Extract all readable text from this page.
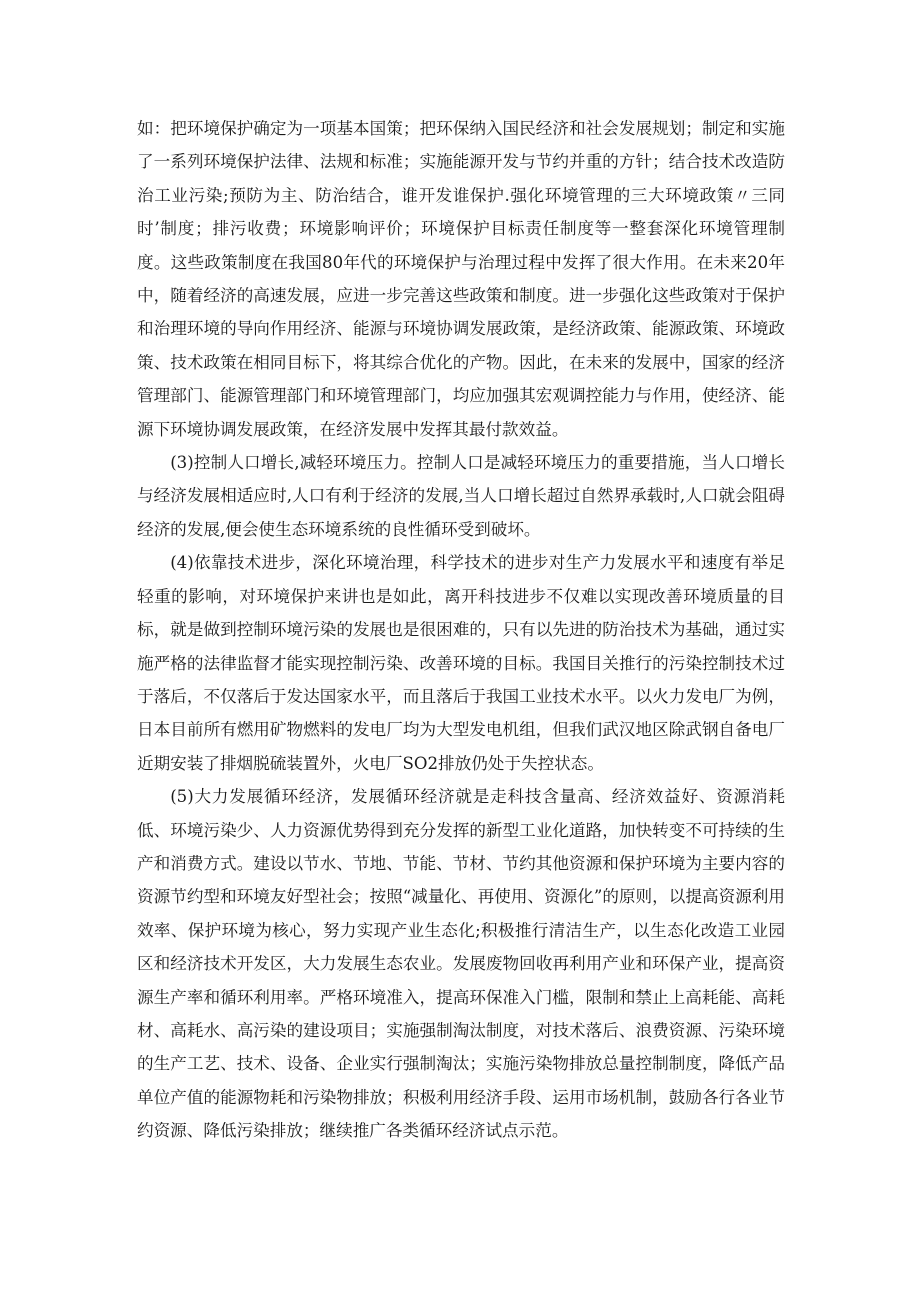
如：把环境保护确定为一项基本国策；把环保纳入国民经济和社会发展规划；制定和实施了一系列环境保护法律、法规和标准；实施能源开发与节约并重的方针；结合技术改造防治工业污染;预防为主、防治结合，谁开发谁保护.强化环境管理的三大环境政策〃三同时’制度；排污收费；环境影响评价；环境保护目标责任制度等一整套深化环境管理制度。这些政策制度在我国80年代的环境保护与治理过程中发挥了很大作用。在未来20年中，随着经济的高速发展，应进一步完善这些政策和制度。进一步强化这些政策对于保护和治理环境的导向作用经济、能源与环境协调发展政策，是经济政策、能源政策、环境政策、技术政策在相同目标下，将其综合优化的产物。因此，在未来的发展中，国家的经济管理部门、能源管理部门和环境管理部门，均应加强其宏观调控能力与作用，使经济、能源下环境协调发展政策，在经济发展中发挥其最付款效益。

(3)控制人口增长,减轻环境压力。控制人口是减轻环境压力的重要措施，当人口增长与经济发展相适应时,人口有利于经济的发展,当人口增长超过自然界承载时,人口就会阻碍经济的发展,便会使生态环境系统的良性循环受到破坏。

(4)依靠技术进步，深化环境治理，科学技术的进步对生产力发展水平和速度有举足轻重的影响，对环境保护来讲也是如此，离开科技进步不仅难以实现改善环境质量的目标，就是做到控制环境污染的发展也是很困难的，只有以先进的防治技术为基础，通过实施严格的法律监督才能实现控制污染、改善环境的目标。我国目关推行的污染控制技术过于落后，不仅落后于发达国家水平，而且落后于我国工业技术水平。以火力发电厂为例，日本目前所有燃用矿物燃料的发电厂均为大型发电机组，但我们武汉地区除武钢自备电厂近期安装了排烟脱硫装置外，火电厂SO2排放仍处于失控状态。

(5)大力发展循环经济，发展循环经济就是走科技含量高、经济效益好、资源消耗低、环境污染少、人力资源优势得到充分发挥的新型工业化道路，加快转变不可持续的生产和消费方式。建设以节水、节地、节能、节材、节约其他资源和保护环境为主要内容的资源节约型和环境友好型社会；按照“减量化、再使用、资源化”的原则，以提高资源利用效率、保护环境为核心，努力实现产业生态化;积极推行清洁生产，以生态化改造工业园区和经济技术开发区，大力发展生态农业。发展废物回收再利用产业和环保产业，提高资源生产率和循环利用率。严格环境准入，提高环保准入门槛，限制和禁止上高耗能、高耗材、高耗水、高污染的建设项目；实施强制淘汰制度，对技术落后、浪费资源、污染环境的生产工艺、技术、设备、企业实行强制淘汰；实施污染物排放总量控制制度，降低产品单位产值的能源物耗和污染物排放；积极利用经济手段、运用市场机制，鼓励各行各业节约资源、降低污染排放；继续推广各类循环经济试点示范。
